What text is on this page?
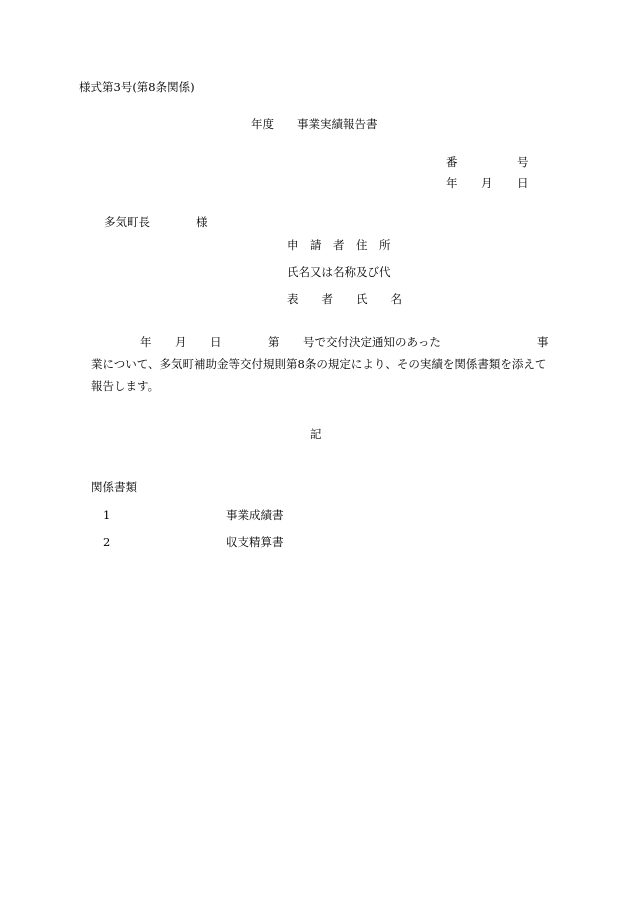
様式第3号(第8条関係)
年度 事業実績報告書
番	号
年 月 日
多気町長	様
申　請　者　住　所
氏名又は名称及び代
表　　者　　氏　　名
年 月 日	第 号で交付決定通知のあった	事
業について、多気町補助金等交付規則第8条の規定により、その実績を関係書類を添えて
報告します。
記
関係書類
1	事業成績書
2	収支精算書
